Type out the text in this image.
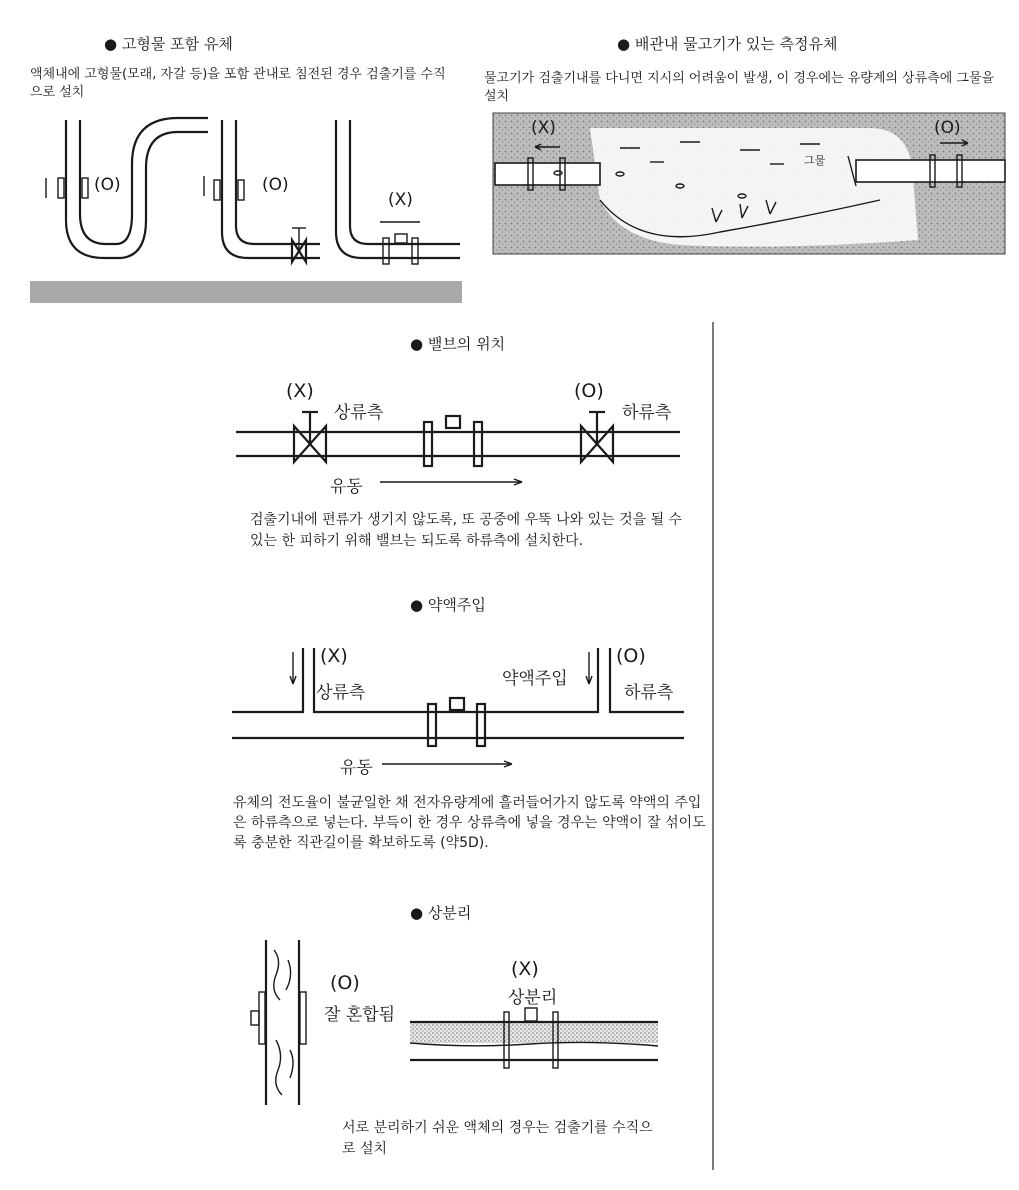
● 고형물 포함 유체
액체내에 고형물(모래, 자갈 등)을 포함 관내로 침전된 경우 검출기를 수직으로 설치
(O)	(O)
(X)
● 배관내 물고기가 있는 측정유체
물고기가 검출기내를 다니면 지시의 어려움이 발생, 이 경우에는 유량계의 상류측에 그물을 설치
(X)	(O)
그물
● 밸브의 위치
(X)
상류측
(O)
하류측
유동
검출기내에 편류가 생기지 않도록, 또 공중에 우뚝 나와 있는 것을 될 수 있는 한 피하기 위해 밸브는 되도록 하류측에 설치한다.
● 약액주입
(X)
상류측
약액주입
(O)
하류측
유동
유체의 전도율이 불균일한 채 전자유량계에 흘러들어가지 않도록 약액의 주입은 하류측으로 넣는다. 부득이 한 경우 상류측에 넣을 경우는 약액이 잘 섞이도록 충분한 직관길이를 확보하도록 (약5D).
● 상분리
(O)
잘 혼합됨
(X)
상분리
서로 분리하기 쉬운 액체의 경우는 검출기를 수직으로 설치
